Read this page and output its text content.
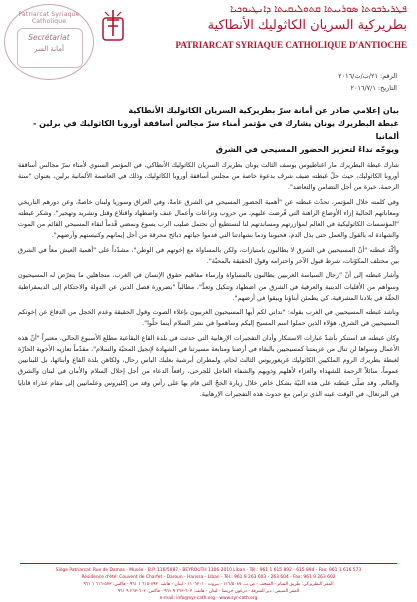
Patriarcat Syriaque Catholique
Secrétariat
أمانة السر
ܦܛܪܝܪܟܘܬܐ ܣܘܪܝܝܬܐ ܩܬܘܠܝܩܝܬܐ ܕܐܢܛܝܘܟܝܐ
بطريركية السريان الكاثوليك الأنطاكية
PATRIARCAT SYRIAQUE CATHOLIQUE D'ANTIOCHE
الرقم: ٢١/ب/ت/٢٠١٦
التاريخ: ٢٠١٦/٧/١
بيان إعلامي صادر عن أمانة سرّ بطريركية السريان الكاثوليك الأنطاكية
غبطة البطريرك يونان يشارك في مؤتمر أمناء سرّ مجالس أساقفة أوروبا الكاثوليك في برلين - ألمانيا
ويوجّه نداءً لتعزيز الحضور المسيحي في الشرق

شارك غبطة البطريرك مار اغناطيوس يوسف الثالث يونان بطريرك السريان الكاثوليك الأنطاكي، في المؤتمر السنوي لأمناء سرّ مجالس أساقفة أوروبا الكاثوليك، حيث حلّ غبطته ضيف شرف بدعوة خاصة من مجلس أساقفة أوروبا الكاثوليك، وذلك في العاصمة الألمانية برلين، بعنوان "سنة الرحمة، خبرة من أجل التضامن والتعاضد".

وفي كلمته خلال المؤتمر، تحدّث غبطته عن "أهمية الحضور المسيحي في الشرق عامةً، وفي العراق وسوريا ولبنان خاصةً، وعن دورهم التاريخي ومعاناتهم الحالية إزاء الأوضاع الراهنة التي فُرضت عليهم، من حروب ونزاعات وأعمال عنف واضطهاد واقتلاع وقتل وتشريد وتهجير". وشكر غبطته "المؤسسات الكاثوليكية في العالم لمؤازرتهم ومساندتهم لنا لنستطيع أن نحتمل صليب الرب يسوع ونمضي قُدماً لنقاء المسيحي القائم من الموت والشهادة له بالقول والعمل حتى بذل الدم، فحبوبنا ودما بشهادتنا التي قدموا حياتهم ذبائح محرقة من أجل إيمانهم وكنيستهم وأرضهم".

وأكّد غبطته "أنّ المسيحيين في الشرق لا يطالبون بامتيازات، ولكن بالمساواة مع إخوتهم في الوطن"، مشدّداً على "أهمية العيش معاً في الشرق بين مختلف المكوّنات، شرط قبول الآخر واحترامه وقول الحقيقة بالمحبّة".

وأشار غبطته إلى أنّ "رجال السياسة الغربيين يطالبون بالمساواة وإرساء مفاهيم حقوق الإنسان في الغرب، متجاهلين ما يتعرّض له المسيحيون وسواهم من الأقليات الدينية والعرقية في الشرق من اضطهاد وتنكيل وتعدٍّ"، مطالباً "بضرورة فصل الدين عن الدولة والاحتكام إلى الديمقراطية الحقّة في بلادنا المشرقية، كي يطمئن أبناؤنا ويبقوا في أرضهم".

وناشد غبطته المسيحيين في الغرب بقوله: "نداني لكم أيها المسيحيون الغربيون بإعلاء الصوت وقول الحقيقة وعدم الخجل من الدفاع عن إخوتكم المسيحيين في الشرق، هؤلاء الذين حملوا اسم المسيح إليكم وساهموا في نشر السلام أينما حلّوا".

وكان غبطته قد استنكر بأشدّ عبارات الاستنكار وأدان التفجيرات الإرهابية التي حدثت في بلدة القاع البقاعية مطلع الأسبوع الحالي، معتبراً "أنّ هذه الأعمال وسواها لن تنال من عزيمتنا كمسيحيين بالبقاء في أرضنا ومتابعة مسيرتنا في الشهادة لإنجيل المحبّة والسلام"، مقدّماً تعازيه الأخوية الحارّة لغبطة بطريرك الروم الملكيين الكاثوليك غريغوريوس الثالث لحام، ولمطران أبرشية بعلبك الياس رحال، ولكاهن بلدة القاع وأبنائها، بل للبنانيين عموماً، سائلاً الرحمة للشهداء والعزاء لأهلهم وذويهم والشفاء العاجل للجرحى، رافعاً الدعاء من أجل إحلال السلام والأمان في لبنان والشرق والعالم. وقد صلّى غبطته على هذه النيّة بشكل خاص خلال زيارة الحجّ التي قام بها على رأس وفد من إكليروس وعلمانيين إلى مقام عذراء قانايا في البرتغال، في الوقت عينه الذي تزامن مع حدوث هذه التفجيرات الإرهابية.

Siège Patriarcal: Rue de Damas - Musée - B.P. 116/5087 - BEYROUTH 1106-2010 Liban - Tél.: 961 1 615 892 - 615 894 - Fax: 961 1 616 573
Résidence d'été: Couvent de Charfet - Daroun - Harissa - Liban - Tél.: 961 9 263 603 - 263 604 - Fax: 961 9 263 602
المقر البطريركي: طريق الشام - المتحف - ص.ب. ١١٦/٥٠٨٧ - بيروت ١١٠٦٢٠١٠ - لبنان - هاتف: ٨٩٢-٦١٥ ١ ٩٦١ - فاكس: ٥٧٣-٦١٦ ١ ٩٦١
المقر الصيفي: دير الشرفة - درعون حريصا - لبنان - هاتف: ٦٠٣-٢٦٣ ٩ ٩٦١ - فاكس: ٦٠٢-٢٦٣ ٩ ٩٦١
e-mail: info@syr-cath.org - www.syr-cath.org
